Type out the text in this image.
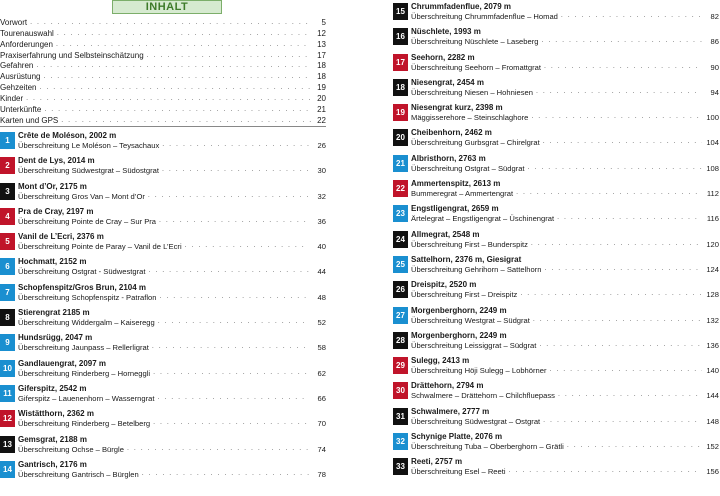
INHALT
Vorwort . . .	5
Tourenauswahl . . .	12
Anforderungen . . .	13
Praxiserfahrung und Selbsteinschätzung . . .	17
Gefahren . . .	18
Ausrüstung . . .	18
Gehzeiten . . .	19
Kinder . . .	20
Unterkünfte . . .	21
Karten und GPS . . .	22
1
Crête de Moléson, 2002 m
Überschreitung Le Moléson – Teysachaux . . .	26
2
Dent de Lys, 2014 m
Überschreitung Südwestgrat – Südostgrat . . .	30
3
Mont d’Or, 2175 m
Überschreitung Gros Van – Mont d’Or . . .	32
4
Pra de Cray, 2197 m
Überschreitung Pointe de Cray – Sur Pra . . .	36
5
Vanil de L’Ecri, 2376 m
Überschreitung Pointe de Paray – Vanil de L’Ecri . . .	40
6
Hochmatt, 2152 m
Überschreitung Ostgrat - Südwestgrat . . .	44
7
Schopfenspitz/Gros Brun, 2104 m
Überschreitung Schopfenspitz - Patraflon . . .	48
8
Stierengrat 2185 m
Überschreitung Widdergalm – Kaiseregg . . .	52
9
Hundsrügg, 2047 m
Überschreitung Jaunpass – Rellerligrat . . .	58
10
Gandlauengrat, 2097 m
Überschreitung Rinderberg – Horneggli . . .	62
11
Giferspitz, 2542 m
Giferspitz – Lauenenhorn – Wasserngrat . . .	66
12
Wistätthorn, 2362 m
Überschreitung Rinderberg – Betelberg . . .	70
13
Gemsgrat, 2188 m
Überschreitung Ochse – Bürgle . . .	74
14
Gantrisch, 2176 m
Überschreitung Gantrisch – Bürglen . . .	78
15
Chrummfadenflue, 2079 m
Überschreitung Chrummfadenflue – Homad . . .	82
16
Nüschlete, 1993 m
Überschreitung Nüschlete – Laseberg . . .	86
17
Seehorn, 2282 m
Überschreitung Seehorn – Fromattgrat . . .	90
18
Niesengrat, 2454 m
Überschreitung Niesen – Hohniesen . . .	94
19
Niesengrat kurz, 2398 m
Mäggisserehore – Steinschlaghore . . .	100
20
Cheibenhorn, 2462 m
Überschreitung Gurbsgrat – Chirelgrat . . .	104
21
Albristhorn, 2763 m
Überschreitung Ostgrat – Südgrat . . .	108
22
Ammertenspitz, 2613 m
Bummeregrat – Ammertengrat . . .	112
23
Engstligengrat, 2659 m
Ärtelegrat – Engstligengrat – Üschinengrat . . .	116
24
Allmegrat, 2548 m
Überschreitung First – Bunderspitz . . .	120
25
Sattelhorn, 2376 m, Giesigrat
Überschreitung Gehrihorn – Sattelhorn . . .	124
26
Dreispitz, 2520 m
Überschreitung First – Dreispitz . . .	128
27
Morgenberghorn, 2249 m
Überschreitung Westgrat – Südgrat . . .	132
28
Morgenberghorn, 2249 m
Überschreitung Leissiggrat – Südgrat . . .	136
29
Sulegg, 2413 m
Überschreitung Höji Sulegg – Lobhörner . . .	140
30
Drättehorn, 2794 m
Schwalmere – Drättehorn – Chilchfluepass . . .	144
31
Schwalmere, 2777 m
Überschreitung Südwestgrat – Ostgrat . . .	148
32
Schynige Platte, 2076 m
Überschreitung Tuba – Oberberghorn – Grätli . . .	152
33
Reeti, 2757 m
Überschreitung Esel – Reeti . . .	156
